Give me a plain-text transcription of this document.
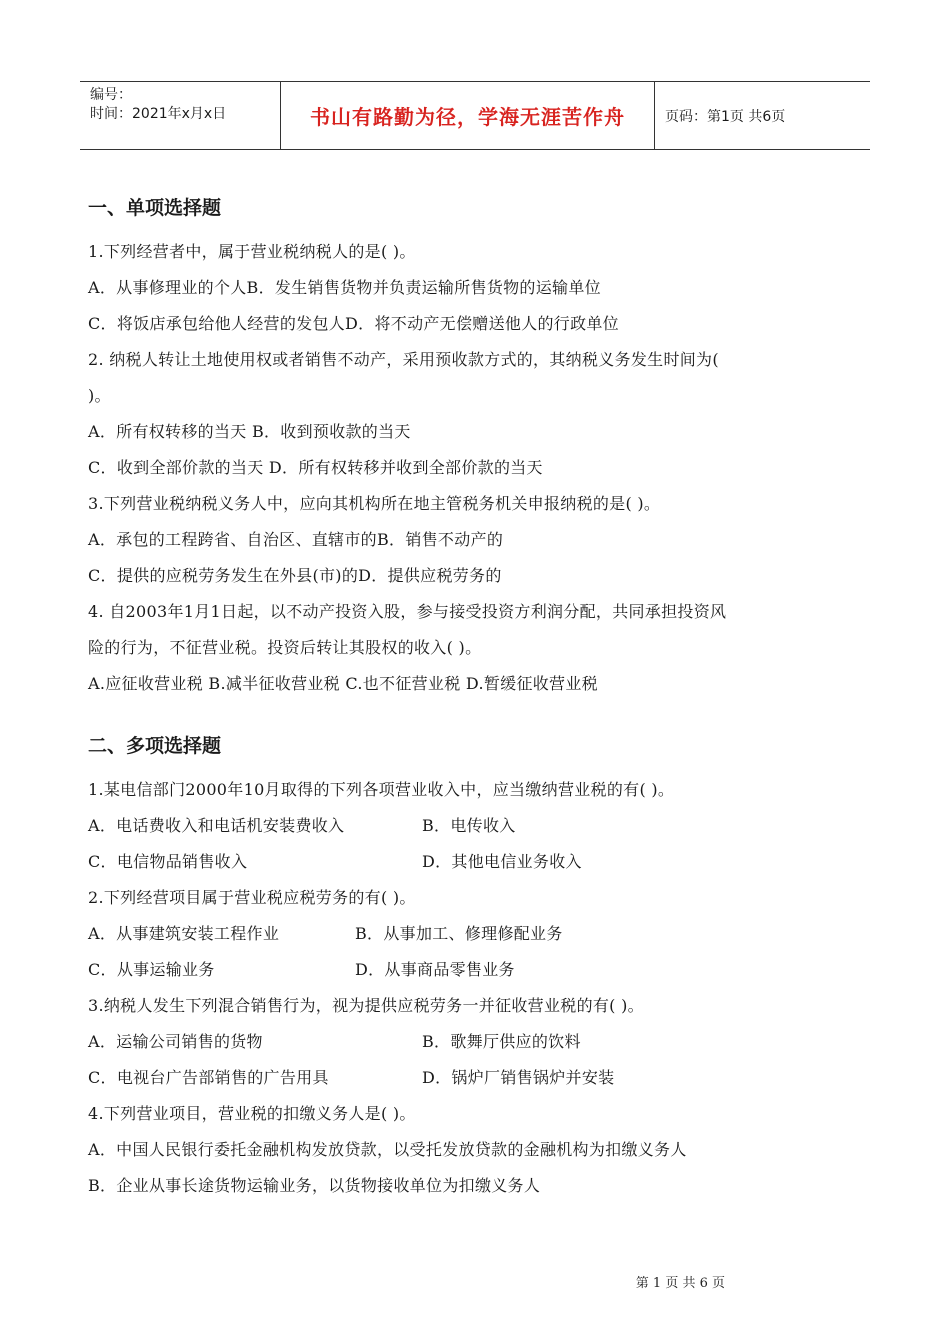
编号：
时间：2021年x月x日	书山有路勤为径，学海无涯苦作舟	页码：第1页 共6页
一、单项选择题
1.下列经营者中，属于营业税纳税人的是( )。
A．从事修理业的个人B．发生销售货物并负责运输所售货物的运输单位
C．将饭店承包给他人经营的发包人D．将不动产无偿赠送他人的行政单位
2. 纳税人转让土地使用权或者销售不动产，采用预收款方式的，其纳税义务发生时间为(
)。
A．所有权转移的当天 B．收到预收款的当天
C．收到全部价款的当天 D．所有权转移并收到全部价款的当天
3.下列营业税纳税义务人中，应向其机构所在地主管税务机关申报纳税的是( )。
A．承包的工程跨省、自治区、直辖市的B．销售不动产的
C．提供的应税劳务发生在外县(市)的D．提供应税劳务的
4. 自2003年1月1日起，以不动产投资入股，参与接受投资方利润分配，共同承担投资风
险的行为，不征营业税。投资后转让其股权的收入( )。
A.应征收营业税 B.减半征收营业税 C.也不征营业税 D.暂缓征收营业税
二、多项选择题
1.某电信部门2000年10月取得的下列各项营业收入中，应当缴纳营业税的有( )。
A．电话费收入和电话机安装费收入	B．电传收入
C．电信物品销售收入	D．其他电信业务收入
2.下列经营项目属于营业税应税劳务的有( )。
A．从事建筑安装工程作业	B．从事加工、修理修配业务
C．从事运输业务	D．从事商品零售业务
3.纳税人发生下列混合销售行为，视为提供应税劳务一并征收营业税的有( )。
A．运输公司销售的货物	B．歌舞厅供应的饮料
C．电视台广告部销售的广告用具	D．锅炉厂销售锅炉并安装
4.下列营业项目，营业税的扣缴义务人是( )。
A．中国人民银行委托金融机构发放贷款，以受托发放贷款的金融机构为扣缴义务人
B．企业从事长途货物运输业务，以货物接收单位为扣缴义务人
第 1 页 共 6 页
